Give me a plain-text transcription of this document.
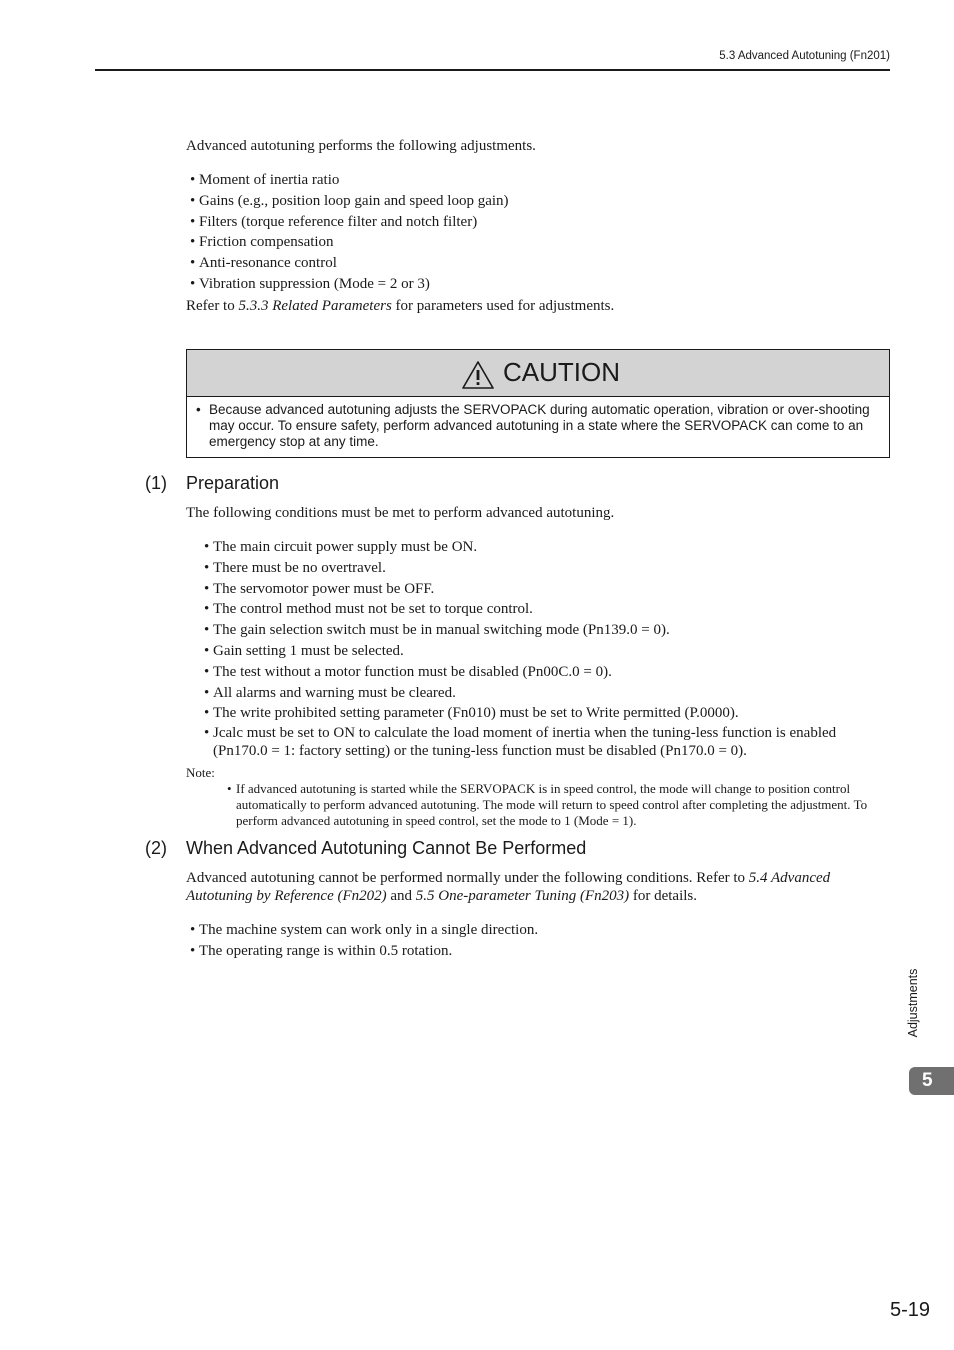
5.3 Advanced Autotuning (Fn201)
Advanced autotuning performs the following adjustments.
• Moment of inertia ratio
• Gains (e.g., position loop gain and speed loop gain)
• Filters (torque reference filter and notch filter)
• Friction compensation
• Anti-resonance control
• Vibration suppression (Mode = 2 or 3)
Refer to 5.3.3 Related Parameters for parameters used for adjustments.
CAUTION
• Because advanced autotuning adjusts the SERVOPACK during automatic operation, vibration or over-shooting may occur. To ensure safety, perform advanced autotuning in a state where the SERVOPACK can come to an emergency stop at any time.
(1) Preparation
The following conditions must be met to perform advanced autotuning.
• The main circuit power supply must be ON.
• There must be no overtravel.
• The servomotor power must be OFF.
• The control method must not be set to torque control.
• The gain selection switch must be in manual switching mode (Pn139.0 = 0).
• Gain setting 1 must be selected.
• The test without a motor function must be disabled (Pn00C.0 = 0).
• All alarms and warning must be cleared.
• The write prohibited setting parameter (Fn010) must be set to Write permitted (P.0000).
• Jcalc must be set to ON to calculate the load moment of inertia when the tuning-less function is enabled (Pn170.0 = 1: factory setting) or the tuning-less function must be disabled (Pn170.0 = 0).
Note:
• If advanced autotuning is started while the SERVOPACK is in speed control, the mode will change to position control automatically to perform advanced autotuning. The mode will return to speed control after completing the adjustment. To perform advanced autotuning in speed control, set the mode to 1 (Mode = 1).
(2) When Advanced Autotuning Cannot Be Performed
Advanced autotuning cannot be performed normally under the following conditions. Refer to 5.4 Advanced Autotuning by Reference (Fn202) and 5.5 One-parameter Tuning (Fn203) for details.
• The machine system can work only in a single direction.
• The operating range is within 0.5 rotation.
Adjustments
5
5-19
